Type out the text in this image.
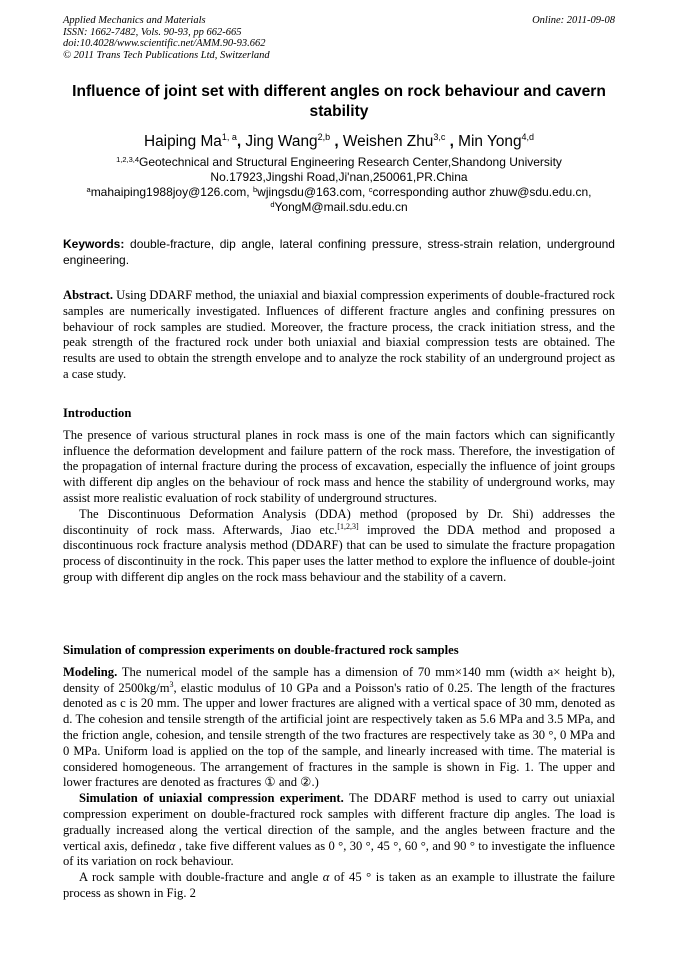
Applied Mechanics and Materials
ISSN: 1662-7482, Vols. 90-93, pp 662-665
doi:10.4028/www.scientific.net/AMM.90-93.662
© 2011 Trans Tech Publications Ltd, Switzerland
Online: 2011-09-08
Influence of joint set with different angles on rock behaviour and cavern stability
Haiping Ma$^{1, a}$, Jing Wang$^{2,b}$ , Weishen Zhu$^{3,c}$ , Min Yong$^{4,d}$
$^{1,2,3,4}$Geotechnical and Structural Engineering Research Center,Shandong University
No.17923,Jingshi Road,Ji'nan,250061,PR.China
$^a$mahaiping1988joy@126.com, $^b$wjingsdu@163.com, $^c$corresponding author zhuw@sdu.edu.cn,
$^d$YongM@mail.sdu.edu.cn
Keywords: double-fracture, dip angle, lateral confining pressure, stress-strain relation, underground engineering.

Abstract. Using DDARF method, the uniaxial and biaxial compression experiments of double-fractured rock samples are numerically investigated. Influences of different fracture angles and confining pressures on behaviour of rock samples are studied. Moreover, the fracture process, the crack initiation stress, and the peak strength of the fractured rock under both uniaxial and biaxial compression tests are obtained. The results are used to obtain the strength envelope and to analyze the rock stability of an underground project as a case study.

Introduction

The presence of various structural planes in rock mass is one of the main factors which can significantly influence the deformation development and failure pattern of the rock mass. Therefore, the investigation of the propagation of internal fracture during the process of excavation, especially the influence of joint groups with different dip angles on the behaviour of rock mass and hence the stability of underground works, may assist more realistic evaluation of rock stability of underground structures.

The Discontinuous Deformation Analysis (DDA) method (proposed by Dr. Shi) addresses the discontinuity of rock mass. Afterwards, Jiao etc.[1,2,3] improved the DDA method and proposed a discontinuous rock fracture analysis method (DDARF) that can be used to simulate the fracture propagation process of discontinuity in the rock. This paper uses the latter method to explore the influence of double-joint group with different dip angles on the rock mass behaviour and the stability of a cavern.

Simulation of compression experiments on double-fractured rock samples

Modeling. The numerical model of the sample has a dimension of 70 mm×140 mm (width a× height b), density of $2500kg/m^3$, elastic modulus of 10 GPa and a Poisson's ratio of 0.25. The length of the fractures denoted as c is 20 mm. The upper and lower fractures are aligned with a vertical space of 30 mm, denoted as d. The cohesion and tensile strength of the artificial joint are respectively taken as 5.6 MPa and 3.5 MPa, and the friction angle, cohesion, and tensile strength of the two fractures are respectively take as 30 °, 0 MPa and 0 MPa. Uniform load is applied on the top of the sample, and linearly increased with time. The material is considered homogeneous. The arrangement of fractures in the sample is shown in Fig. 1. The upper and lower fractures are denoted as fractures ① and ②.)

Simulation of uniaxial compression experiment. The DDARF method is used to carry out uniaxial compression experiment on double-fractured rock samples with different fracture dip angles. The load is gradually increased along the vertical direction of the sample, and the angles between fracture and the vertical axis, definedα , take five different values as 0 °, 30 °, 45 °, 60 °, and 90 ° to investigate the influence of its variation on rock behaviour.

A rock sample with double-fracture and angle α of 45 ° is taken as an example to illustrate the failure process as shown in Fig. 2
